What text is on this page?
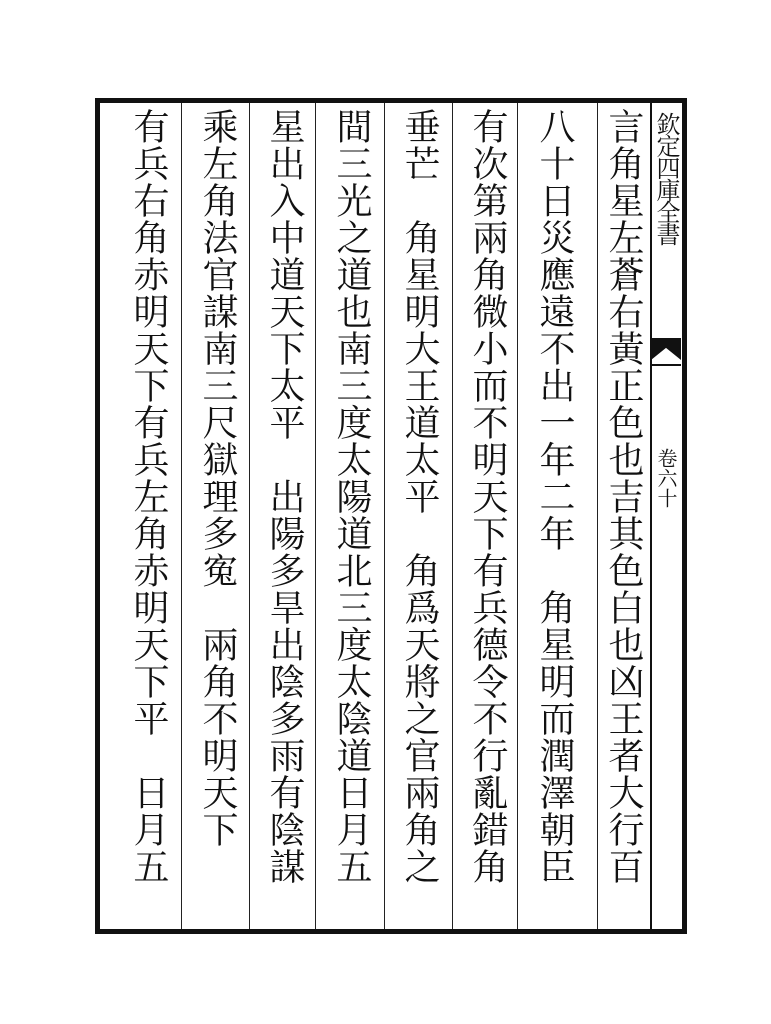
欽定四庫全書
卷六十
言角星左蒼右黃正色也吉其色白也凶王者大行百
八十日災應遠不出一年二年　角星明而潤澤朝臣
有次第兩角微小而不明天下有兵德令不行亂錯角
垂芒　角星明大王道太平　角爲天將之官兩角之
間三光之道也南三度太陽道北三度太陰道日月五
星出入中道天下太平　出陽多旱出陰多雨有陰謀
乘左角法官謀南三尺獄理多寃　兩角不明天下
有兵右角赤明天下有兵左角赤明天下平　日月五
